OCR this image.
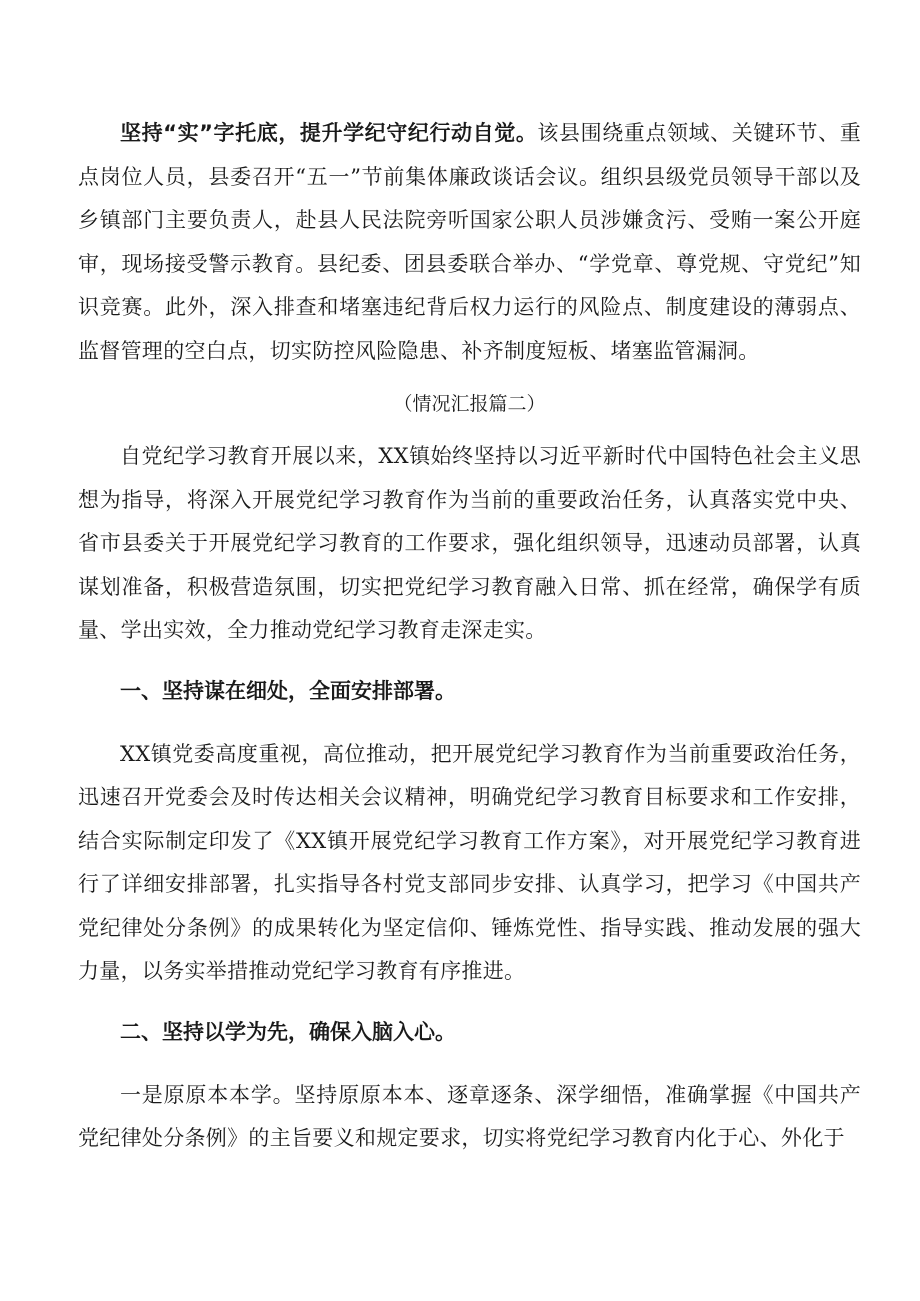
坚持“实”字托底，提升学纪守纪行动自觉。该县围绕重点领域、关键环节、重点岗位人员，县委召开“五一”节前集体廉政谈话会议。组织县级党员领导干部以及乡镇部门主要负责人，赴县人民法院旁听国家公职人员涉嫌贪污、受贿一案公开庭审，现场接受警示教育。县纪委、团县委联合举办、“学党章、尊党规、守党纪”知识竞赛。此外，深入排查和堵塞违纪背后权力运行的风险点、制度建设的薄弱点、监督管理的空白点，切实防控风险隐患、补齐制度短板、堵塞监管漏洞。

（情况汇报篇二）

自党纪学习教育开展以来，XX镇始终坚持以习近平新时代中国特色社会主义思想为指导，将深入开展党纪学习教育作为当前的重要政治任务，认真落实党中央、省市县委关于开展党纪学习教育的工作要求，强化组织领导，迅速动员部署，认真谋划准备，积极营造氛围，切实把党纪学习教育融入日常、抓在经常，确保学有质量、学出实效，全力推动党纪学习教育走深走实。

一、坚持谋在细处，全面安排部署。

XX镇党委高度重视，高位推动，把开展党纪学习教育作为当前重要政治任务，迅速召开党委会及时传达相关会议精神，明确党纪学习教育目标要求和工作安排，结合实际制定印发了《XX镇开展党纪学习教育工作方案》，对开展党纪学习教育进行了详细安排部署，扎实指导各村党支部同步安排、认真学习，把学习《中国共产党纪律处分条例》的成果转化为坚定信仰、锤炼党性、指导实践、推动发展的强大力量，以务实举措推动党纪学习教育有序推进。

二、坚持以学为先，确保入脑入心。

一是原原本本学。坚持原原本本、逐章逐条、深学细悟，准确掌握《中国共产党纪律处分条例》的主旨要义和规定要求，切实将党纪学习教育内化于心、外化于
